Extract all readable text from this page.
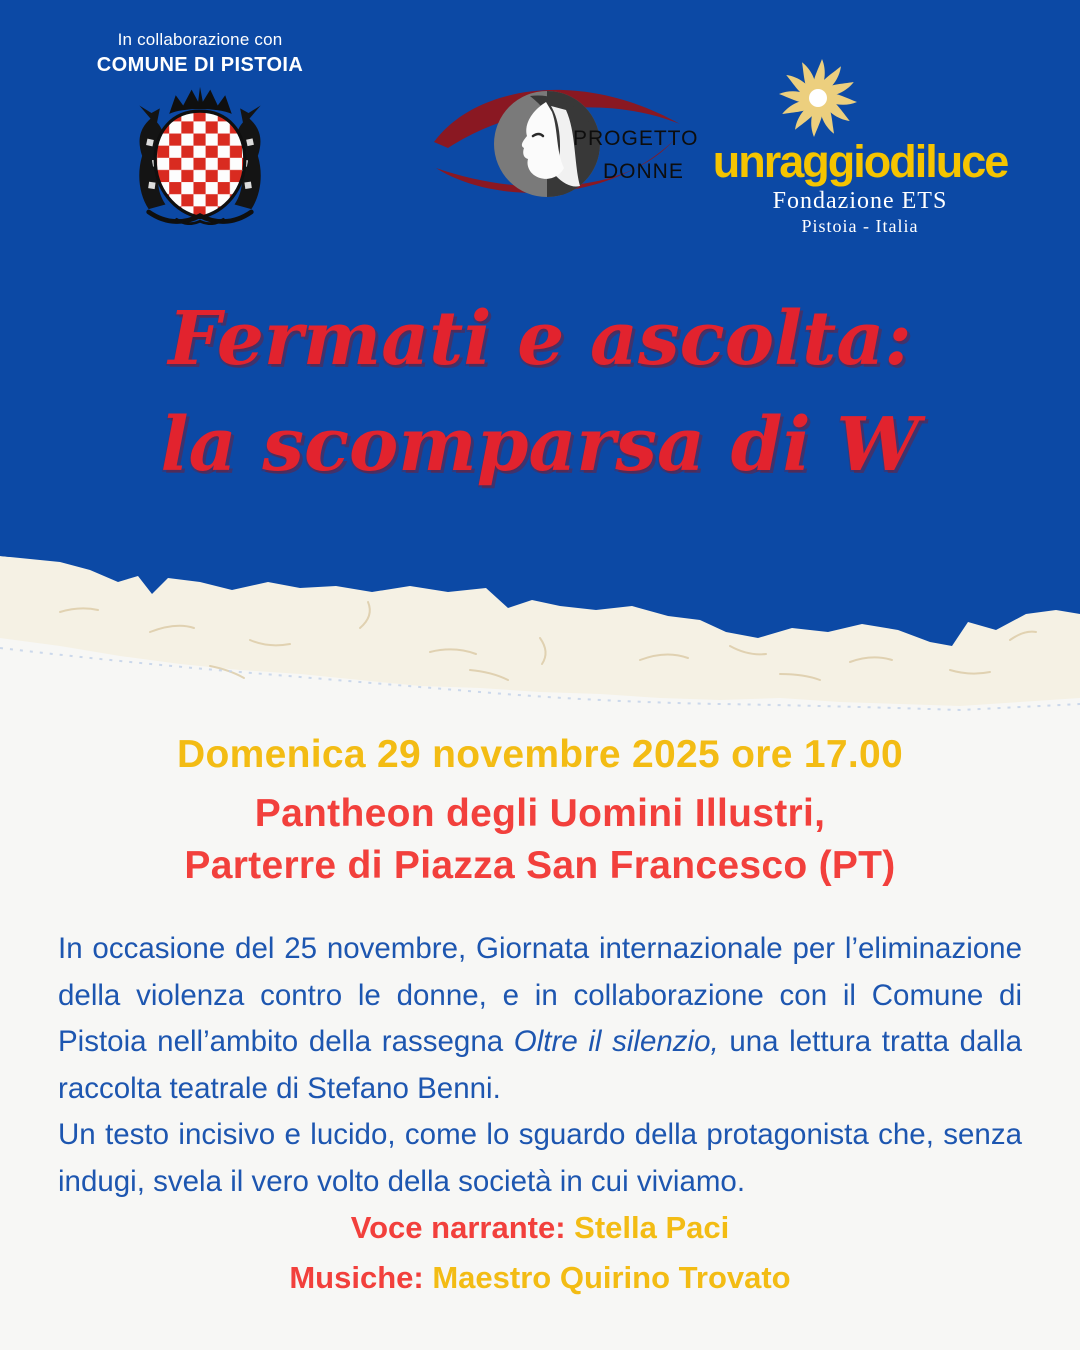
In collaborazione con
COMUNE DI PISTOIA
PROGETTO
DONNE unraggiodiluce
Fondazione ETS
Pistoia - Italia
Fermati e ascolta:
la scomparsa di W
Domenica 29 novembre 2025 ore 17.00
Pantheon degli Uomini Illustri,
Parterre di Piazza San Francesco (PT)

In occasione del 25 novembre, Giornata internazionale per l’eliminazione della violenza contro le donne, e in collaborazione con il Comune di Pistoia nell’ambito della rassegna Oltre il silenzio, una lettura tratta dalla raccolta teatrale di Stefano Benni.

Un testo incisivo e lucido, come lo sguardo della protagonista che, senza indugi, svela il vero volto della società in cui viviamo.

Voce narrante: Stella Paci
Musiche: Maestro Quirino Trovato
